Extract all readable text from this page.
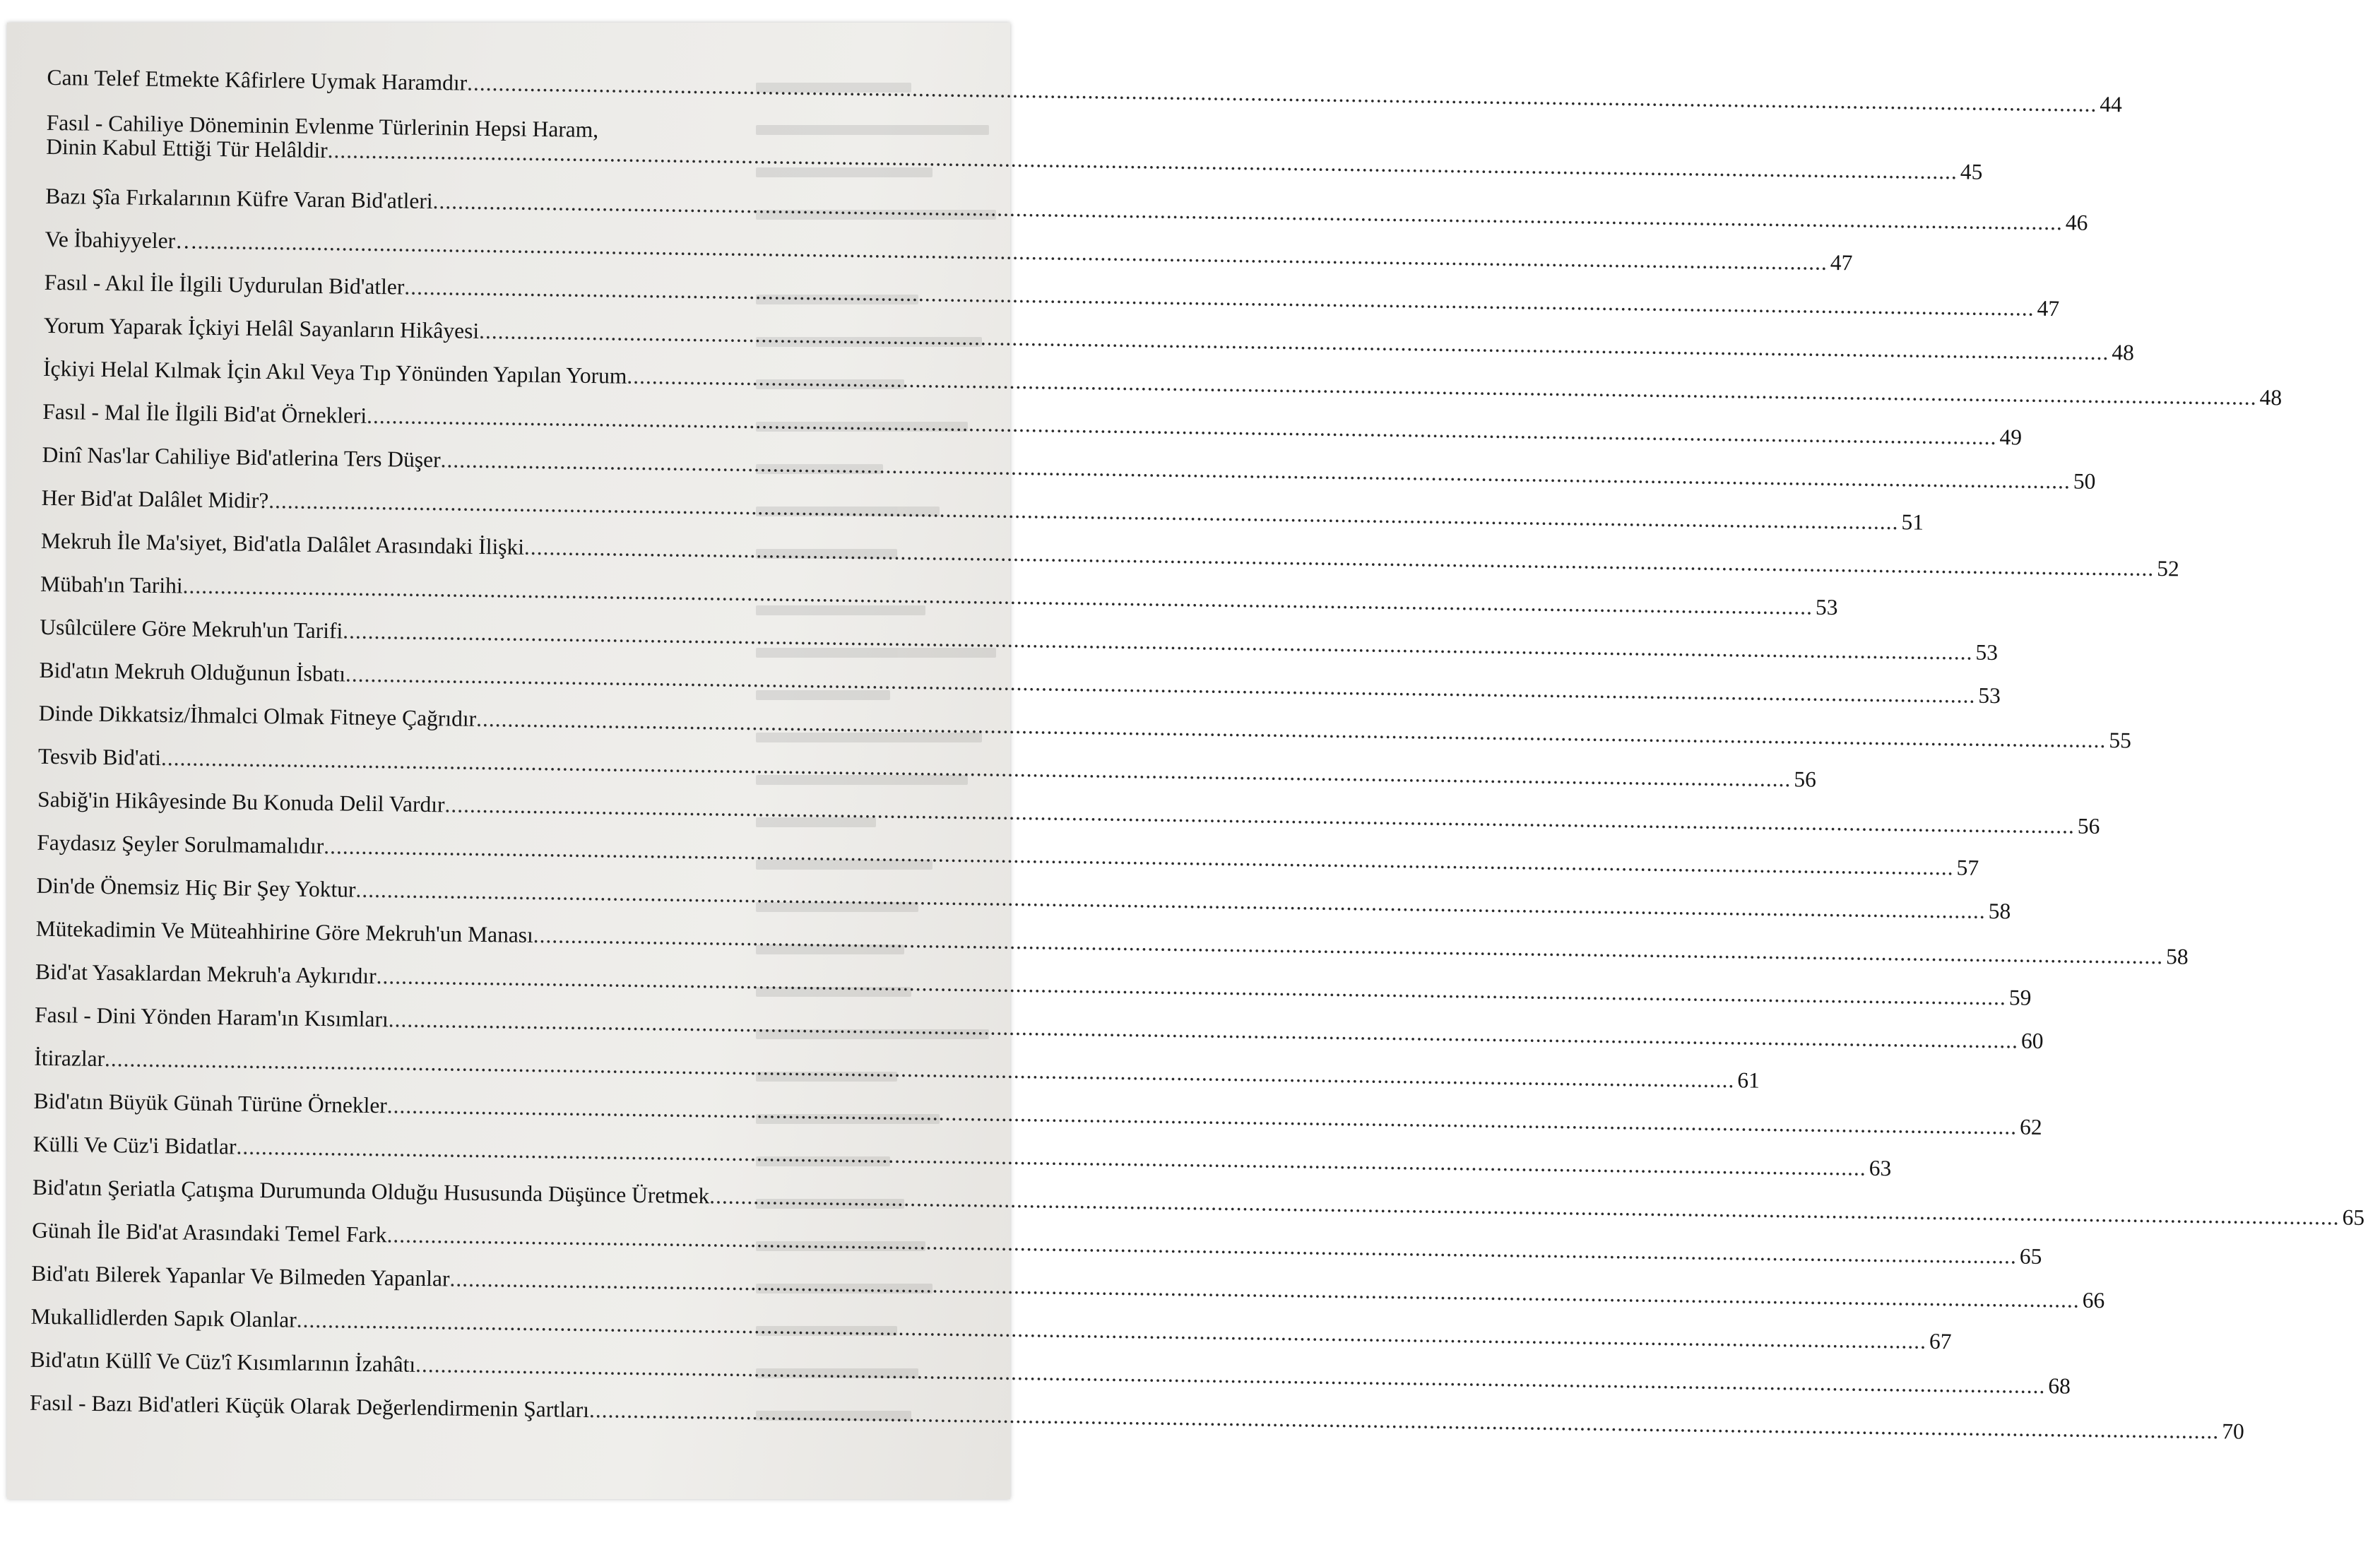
Canı Telef Etmekte Kâfirlere Uymak Haramdır .................................................................................................................................................................................................................................................................... 44
Fasıl - Cahiliye Döneminin Evlenme Türlerinin Hepsi Haram,
Dinin Kabul Ettiği Tür Helâldir .................................................................................................................................................................................................................................................................... 45
Bazı Şîa Fırkalarının Küfre Varan Bid'atleri .................................................................................................................................................................................................................................................................... 46
Ve İbahiyyeler… .................................................................................................................................................................................................................................................................... 47
Fasıl - Akıl İle İlgili Uydurulan Bid'atler .................................................................................................................................................................................................................................................................... 47
Yorum Yaparak İçkiyi Helâl Sayanların Hikâyesi .................................................................................................................................................................................................................................................................... 48
İçkiyi Helal Kılmak İçin Akıl Veya Tıp Yönünden Yapılan Yorum .................................................................................................................................................................................................................................................................... 48
Fasıl - Mal İle İlgili Bid'at Örnekleri .................................................................................................................................................................................................................................................................... 49
Dinî Nas'lar Cahiliye Bid'atlerina Ters Düşer .................................................................................................................................................................................................................................................................... 50
Her Bid'at Dalâlet Midir? .................................................................................................................................................................................................................................................................... 51
Mekruh İle Ma'siyet, Bid'atla Dalâlet Arasındaki İlişki .................................................................................................................................................................................................................................................................... 52
Mübah'ın Tarihi .................................................................................................................................................................................................................................................................... 53
Usûlcülere Göre Mekruh'un Tarifi .................................................................................................................................................................................................................................................................... 53
Bid'atın Mekruh Olduğunun İsbatı .................................................................................................................................................................................................................................................................... 53
Dinde Dikkatsiz/İhmalci Olmak Fitneye Çağrıdır .................................................................................................................................................................................................................................................................... 55
Tesvib Bid'ati .................................................................................................................................................................................................................................................................... 56
Sabiğ'in Hikâyesinde Bu Konuda Delil Vardır .................................................................................................................................................................................................................................................................... 56
Faydasız Şeyler Sorulmamalıdır .................................................................................................................................................................................................................................................................... 57
Din'de Önemsiz Hiç Bir Şey Yoktur .................................................................................................................................................................................................................................................................... 58
Mütekadimin Ve Müteahhirine Göre Mekruh'un Manası .................................................................................................................................................................................................................................................................... 58
Bid'at Yasaklardan Mekruh'a Aykırıdır .................................................................................................................................................................................................................................................................... 59
Fasıl - Dini Yönden Haram'ın Kısımları .................................................................................................................................................................................................................................................................... 60
İtirazlar .................................................................................................................................................................................................................................................................... 61
Bid'atın Büyük Günah Türüne Örnekler .................................................................................................................................................................................................................................................................... 62
Külli Ve Cüz'i Bidatlar .................................................................................................................................................................................................................................................................... 63
Bid'atın Şeriatla Çatışma Durumunda Olduğu Hususunda Düşünce Üretmek .................................................................................................................................................................................................................................................................... 65
Günah İle Bid'at Arasındaki Temel Fark .................................................................................................................................................................................................................................................................... 65
Bid'atı Bilerek Yapanlar Ve Bilmeden Yapanlar .................................................................................................................................................................................................................................................................... 66
Mukallidlerden Sapık Olanlar .................................................................................................................................................................................................................................................................... 67
Bid'atın Küllî Ve Cüz'î Kısımlarının İzahâtı .................................................................................................................................................................................................................................................................... 68
Fasıl - Bazı Bid'atleri Küçük Olarak Değerlendirmenin Şartları .................................................................................................................................................................................................................................................................... 70
